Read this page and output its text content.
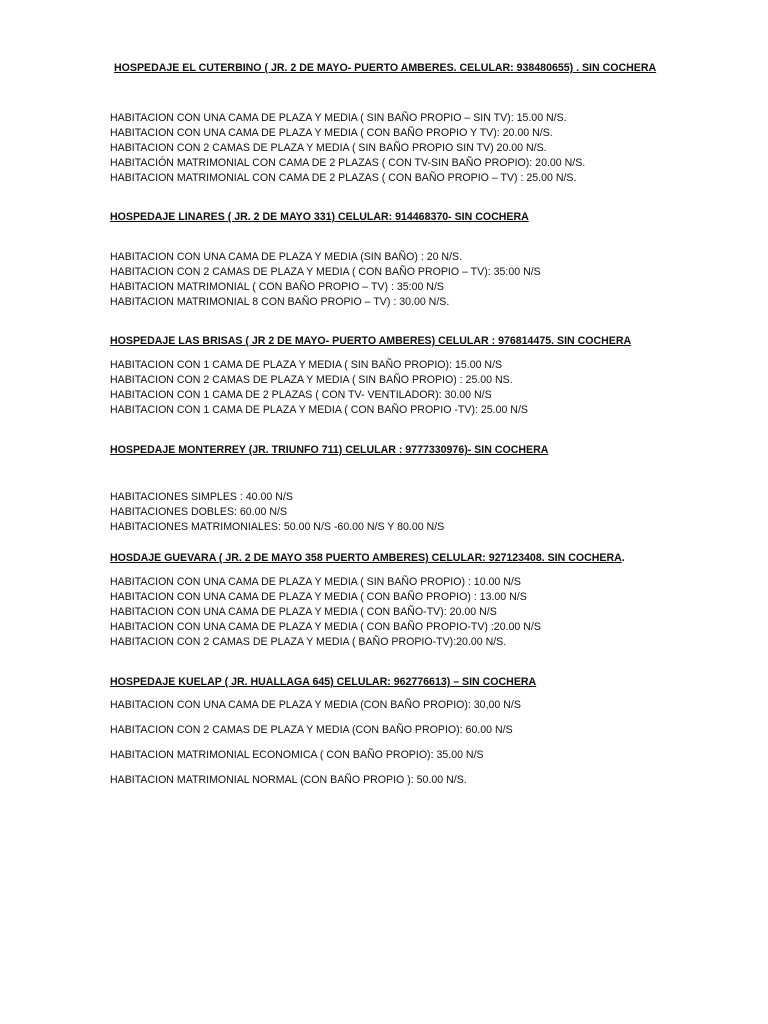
HOSPEDAJE EL CUTERBINO ( JR. 2 DE MAYO- PUERTO AMBERES. CELULAR: 938480655) . SIN COCHERA
HABITACION CON UNA CAMA DE PLAZA Y MEDIA ( SIN BAÑO PROPIO – SIN TV): 15.00 N/S.
HABITACION CON UNA CAMA DE PLAZA Y MEDIA ( CON BAÑO PROPIO Y TV): 20.00 N/S.
HABITACION CON 2 CAMAS DE PLAZA Y MEDIA ( SIN BAÑO PROPIO SIN TV) 20.00 N/S.
HABITACIÓN MATRIMONIAL CON CAMA DE 2 PLAZAS ( CON TV-SIN BAÑO PROPIO): 20.00 N/S.
HABITACION MATRIMONIAL CON CAMA DE 2 PLAZAS ( CON BAÑO PROPIO – TV) : 25.00 N/S.
HOSPEDAJE LINARES ( JR. 2 DE MAYO 331) CELULAR: 914468370- SIN COCHERA
HABITACION CON UNA CAMA DE PLAZA Y MEDIA (SIN BAÑO) : 20 N/S.
HABITACION CON 2 CAMAS DE PLAZA Y MEDIA ( CON BAÑO PROPIO – TV): 35:00 N/S
HABITACION MATRIMONIAL ( CON BAÑO PROPIO – TV) : 35:00 N/S
HABITACION MATRIMONIAL 8 CON BAÑO PROPIO – TV) : 30.00 N/S.
HOSPEDAJE LAS BRISAS ( JR 2 DE MAYO- PUERTO AMBERES) CELULAR : 976814475. SIN COCHERA
HABITACION CON 1 CAMA DE PLAZA Y MEDIA ( SIN BAÑO PROPIO): 15.00 N/S
HABITACION CON 2 CAMAS DE PLAZA Y MEDIA ( SIN BAÑO PROPIO) : 25.00 NS.
HABITACION CON 1 CAMA DE 2 PLAZAS ( CON TV- VENTILADOR): 30.00 N/S
HABITACION CON 1 CAMA DE PLAZA Y MEDIA ( CON BAÑO PROPIO -TV): 25.00 N/S
HOSPEDAJE MONTERREY (JR. TRIUNFO 711) CELULAR : 9777330976)- SIN COCHERA
HABITACIONES SIMPLES : 40.00 N/S
HABITACIONES DOBLES: 60.00 N/S
HABITACIONES MATRIMONIALES: 50.00 N/S -60.00 N/S Y 80.00 N/S
HOSDAJE GUEVARA ( JR. 2 DE MAYO 358 PUERTO AMBERES) CELULAR: 927123408. SIN COCHERA.
HABITACION CON UNA CAMA DE PLAZA Y MEDIA ( SIN BAÑO PROPIO) : 10.00 N/S
HABITACION CON UNA CAMA DE PLAZA Y MEDIA ( CON BAÑO PROPIO) : 13.00 N/S
HABITACION CON UNA CAMA DE PLAZA Y MEDIA ( CON BAÑO-TV): 20.00 N/S
HABITACION CON UNA CAMA DE PLAZA Y MEDIA ( CON BAÑO PROPIO-TV) :20.00 N/S
HABITACION CON 2 CAMAS DE PLAZA Y MEDIA ( BAÑO PROPIO-TV):20.00 N/S.
HOSPEDAJE KUELAP ( JR. HUALLAGA 645) CELULAR: 962776613) – SIN COCHERA
HABITACION CON UNA CAMA DE PLAZA Y MEDIA (CON BAÑO PROPIO): 30,00 N/S
HABITACION CON 2 CAMAS DE PLAZA Y MEDIA (CON BAÑO PROPIO): 60.00 N/S
HABITACION MATRIMONIAL ECONOMICA ( CON BAÑO PROPIO): 35.00 N/S
HABITACION MATRIMONIAL NORMAL (CON BAÑO PROPIO ): 50.00 N/S.
